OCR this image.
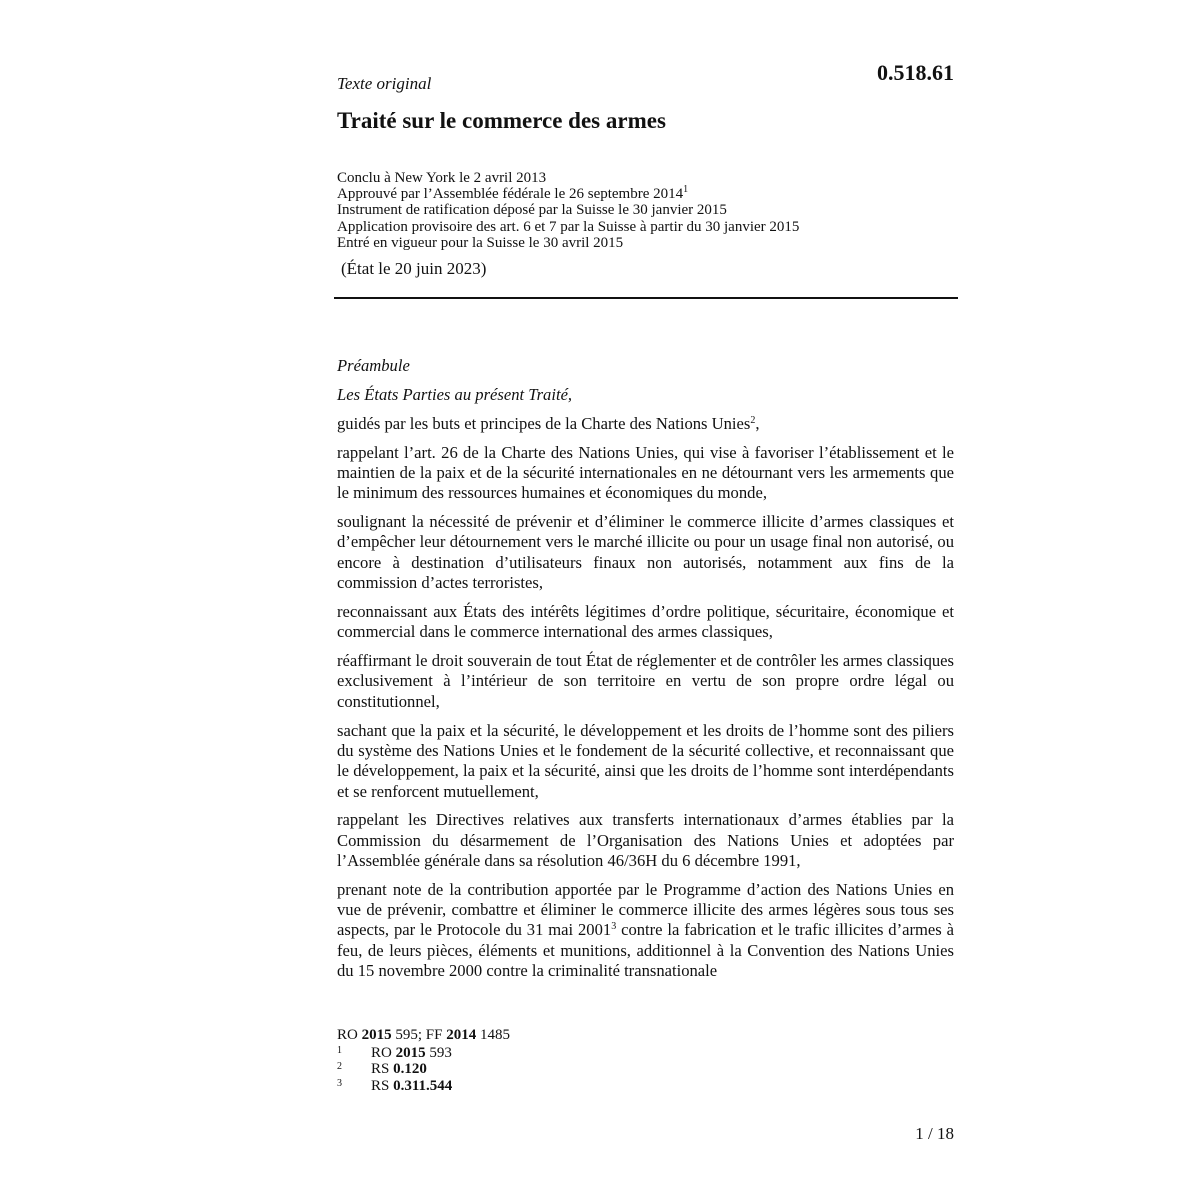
0.518.61
Texte original
Traité sur le commerce des armes
Conclu à New York le 2 avril 2013
Approuvé par l’Assemblée fédérale le 26 septembre 2014$^1$
Instrument de ratification déposé par la Suisse le 30 janvier 2015
Application provisoire des art. 6 et 7 par la Suisse à partir du 30 janvier 2015
Entré en vigueur pour la Suisse le 30 avril 2015
(État le 20 juin 2023)

Préambule

Les États Parties au présent Traité,

guidés par les buts et principes de la Charte des Nations Unies$^2$,

rappelant l’art. 26 de la Charte des Nations Unies, qui vise à favoriser l’établissement et le maintien de la paix et de la sécurité internationales en ne détournant vers les armements que le minimum des ressources humaines et économiques du monde,

soulignant la nécessité de prévenir et d’éliminer le commerce illicite d’armes classiques et d’empêcher leur détournement vers le marché illicite ou pour un usage final non autorisé, ou encore à destination d’utilisateurs finaux non autorisés, notamment aux fins de la commission d’actes terroristes,

reconnaissant aux États des intérêts légitimes d’ordre politique, sécuritaire, économique et commercial dans le commerce international des armes classiques,

réaffirmant le droit souverain de tout État de réglementer et de contrôler les armes classiques exclusivement à l’intérieur de son territoire en vertu de son propre ordre légal ou constitutionnel,

sachant que la paix et la sécurité, le développement et les droits de l’homme sont des piliers du système des Nations Unies et le fondement de la sécurité collective, et reconnaissant que le développement, la paix et la sécurité, ainsi que les droits de l’homme sont interdépendants et se renforcent mutuellement,

rappelant les Directives relatives aux transferts internationaux d’armes établies par la Commission du désarmement de l’Organisation des Nations Unies et adoptées par l’Assemblée générale dans sa résolution 46/36H du 6 décembre 1991,

prenant note de la contribution apportée par le Programme d’action des Nations Unies en vue de prévenir, combattre et éliminer le commerce illicite des armes légères sous tous ses aspects, par le Protocole du 31 mai 2001$^3$ contre la fabrication et le trafic illicites d’armes à feu, de leurs pièces, éléments et munitions, additionnel à la Convention des Nations Unies du 15 novembre 2000 contre la criminalité transnationale

RO 2015 595; FF 2014 1485
1	RO 2015 593
2	RS 0.120
3	RS 0.311.544
1 / 18
